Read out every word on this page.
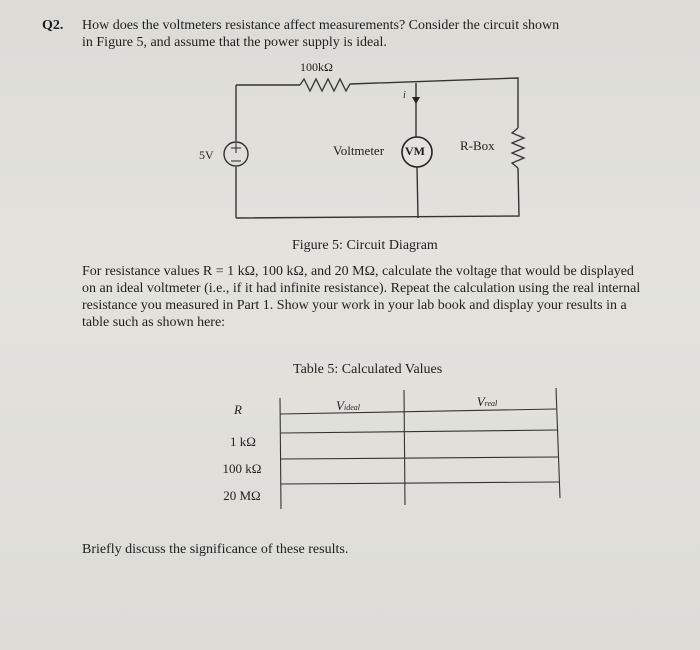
Q2. How does the voltmeters resistance affect measurements? Consider the circuit shown
in Figure 5, and assume that the power supply is ideal.
100kΩ
i
5V	Voltmeter VM	R-Box
Figure 5: Circuit Diagram
For resistance values R = 1 kΩ, 100 kΩ, and 20 MΩ, calculate the voltage that would be displayed
on an ideal voltmeter (i.e., if it had infinite resistance). Repeat the calculation using the real internal
resistance you measured in Part 1. Show your work in your lab book and display your results in a
table such as shown here:
Table 5: Calculated Values
R	Videal	Vreal
1 kΩ
100 kΩ
20 MΩ
Briefly discuss the significance of these results.
